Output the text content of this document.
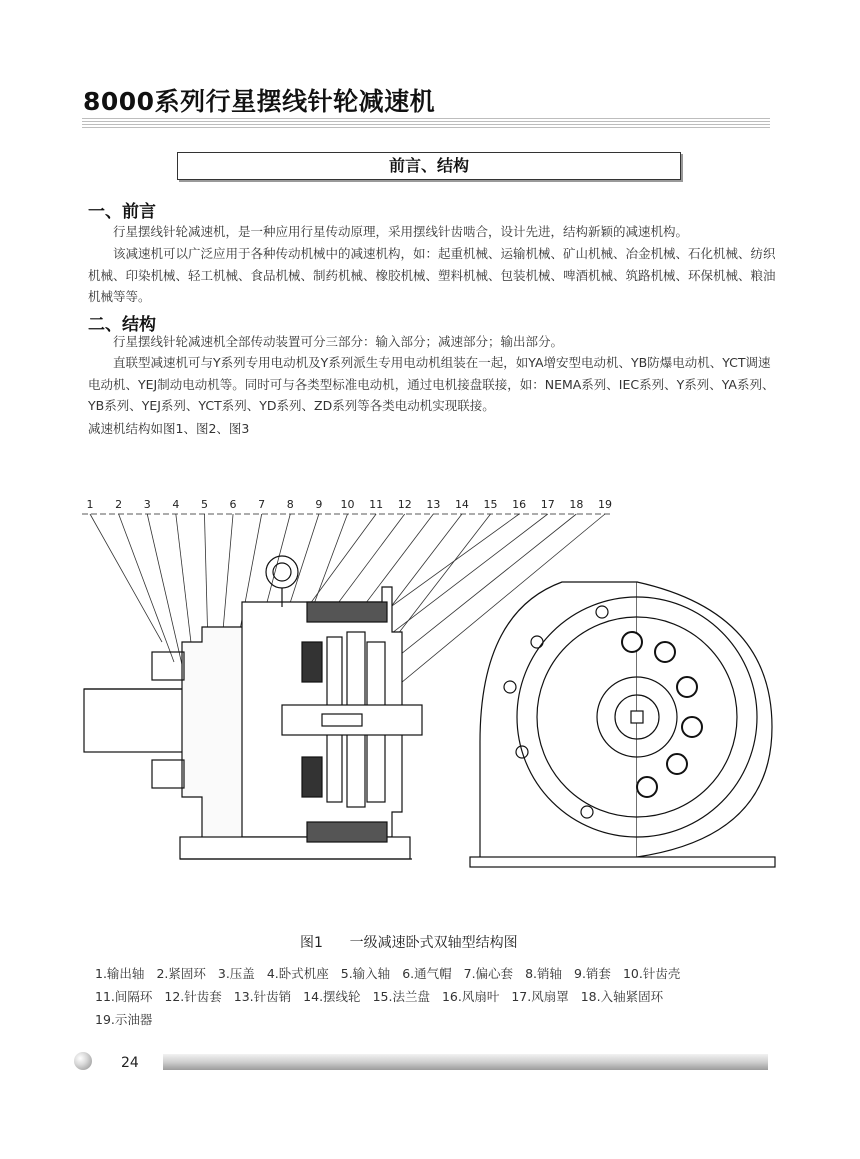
8000系列行星摆线针轮减速机
前言、结构
一、前言

行星摆线针轮减速机，是一种应用行星传动原理，采用摆线针齿啮合，设计先进，结构新颖的减速机构。

该减速机可以广泛应用于各种传动机械中的减速机构，如：起重机械、运输机械、矿山机械、冶金机械、石化机械、纺织机械、印染机械、轻工机械、食品机械、制药机械、橡胶机械、塑料机械、包装机械、啤酒机械、筑路机械、环保机械、粮油机械等等。

二、结构

行星摆线针轮减速机全部传动装置可分三部分：输入部分；减速部分；输出部分。

直联型减速机可与Y系列专用电动机及Y系列派生专用电动机组装在一起，如YA增安型电动机、YB防爆电动机、YCT调速电动机、YEJ制动电动机等。同时可与各类型标准电动机，通过电机接盘联接，如：NEMA系列、IEC系列、Y系列、YA系列、YB系列、YEJ系列、YCT系列、YD系列、ZD系列等各类电动机实现联接。

减速机结构如图1、图2、图3

1 2 3 4 5 6 7 8 9 10 11 12 13 14 15 16 17 18 19
图1 一级减速卧式双轴型结构图
1.输出轴 2.紧固环 3.压盖 4.卧式机座 5.输入轴 6.通气帽 7.偏心套 8.销轴 9.销套 10.针齿壳
11.间隔环 12.针齿套 13.针齿销 14.摆线轮 15.法兰盘 16.风扇叶 17.风扇罩 18.入轴紧固环
19.示油器
24
